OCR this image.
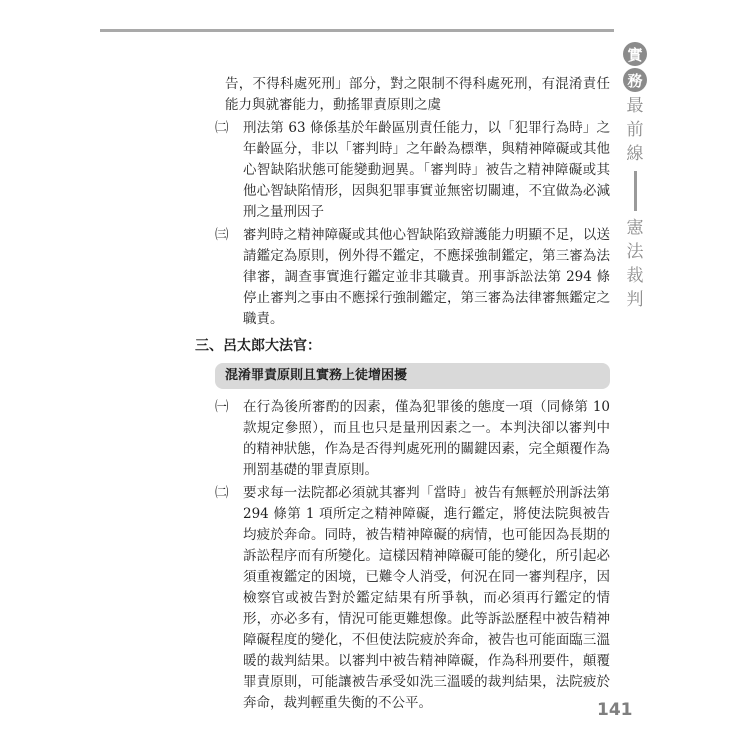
實
務
最
前
線
憲
法
裁
判
告，不得科處死刑」部分，對之限制不得科處死刑，有混淆責任能力與就審能力，動搖罪責原則之虞
㈡	刑法第 63 條係基於年齡區別責任能力，以「犯罪行為時」之年齡區分，非以「審判時」之年齡為標準，與精神障礙或其他心智缺陷狀態可能變動迥異。「審判時」被告之精神障礙或其他心智缺陷情形，因與犯罪事實並無密切關連，不宜做為必減刑之量刑因子
㈢	審判時之精神障礙或其他心智缺陷致辯護能力明顯不足，以送請鑑定為原則，例外得不鑑定，不應採強制鑑定，第三審為法律審，調查事實進行鑑定並非其職責。刑事訴訟法第 294 條停止審判之事由不應採行強制鑑定，第三審為法律審無鑑定之職責。
三、呂太郎大法官：
混淆罪責原則且實務上徒增困擾
㈠	在行為後所審酌的因素，僅為犯罪後的態度一項（同條第 10 款規定參照），而且也只是量刑因素之一。本判決卻以審判中的精神狀態，作為是否得判處死刑的關鍵因素，完全顛覆作為刑罰基礎的罪責原則。
㈡	要求每一法院都必須就其審判「當時」被告有無輕於刑訴法第 294 條第 1 項所定之精神障礙，進行鑑定，將使法院與被告均疲於奔命。同時，被告精神障礙的病情，也可能因為長期的訴訟程序而有所變化。這樣因精神障礙可能的變化，所引起必須重複鑑定的困境，已難令人消受，何況在同一審判程序，因檢察官或被告對於鑑定結果有所爭執，而必須再行鑑定的情形，亦必多有，情況可能更難想像。此等訴訟歷程中被告精神障礙程度的變化，不但使法院疲於奔命，被告也可能面臨三溫暖的裁判結果。以審判中被告精神障礙，作為科刑要件，顛覆罪責原則，可能讓被告承受如洗三溫暖的裁判結果，法院疲於奔命，裁判輕重失衡的不公平。	141
